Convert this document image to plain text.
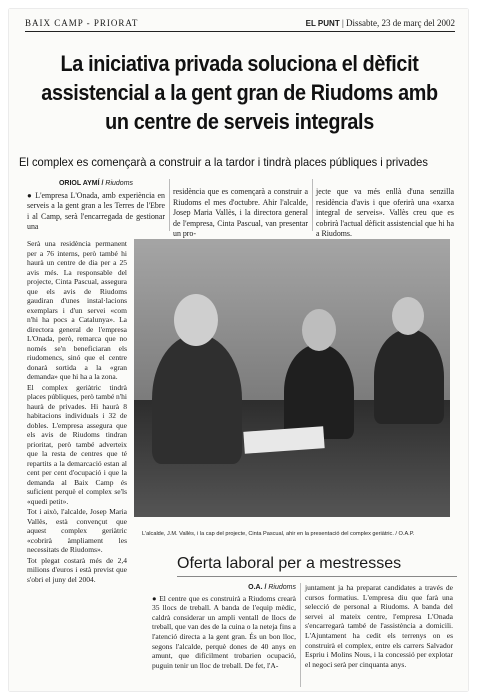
BAIX CAMP - PRIORAT	EL PUNT | Dissabte, 23 de març del 2002
La iniciativa privada soluciona el dèficit assistencial a la gent gran de Riudoms amb un centre de serveis integrals
El complex es començarà a construir a la tardor i tindrà places públiques i privades
ORIOL AYMÍ / Riudoms

● L'empresa L'Onada, amb experiència en serveis a la gent gran a les Terres de l'Ebre i al Camp, serà l'encarregada de gestionar una

residència que es començarà a construir a Riudoms el mes d'octubre. Ahir l'alcalde, Josep Maria Vallès, i la directora general de l'empresa, Cinta Pascual, van presentar un pro-

jecte que va més enllà d'una senzilla residència d'avis i que oferirà una «xarxa integral de serveis». Vallès creu que es cobrirà l'actual dèficit assistencial que hi ha a Riudoms.

Serà una residència permanent per a 76 interns, però també hi haurà un centre de dia per a 25 avis més. La responsable del projecte, Cinta Pascual, assegura que els avis de Riudoms gaudiran d'unes instal·lacions exemplars i d'un servei «com n'hi ha pocs a Catalunya». La directora general de l'empresa L'Onada, però, remarca que no només se'n beneficiaran els riudomencs, sinó que el centre donarà sortida a la «gran demanda» que hi ha a la zona.

El complex geriàtric tindrà places públiques, però també n'hi haurà de privades. Hi haurà 8 habitacions individuals i 32 de dobles. L'empresa assegura que els avis de Riudoms tindran prioritat, però també adverteix que la resta de centres que té repartits a la demarcació estan al cent per cent d'ocupació i que la demanda al Baix Camp és suficient perquè el complex se'ls «quedi petit».

Tot i això, l'alcalde, Josep Maria Vallès, està convençut que aquest complex geriàtric «cobrirà àmpliament les necessitats de Riudoms».

Tot plegat costarà més de 2,4 milions d'euros i està previst que s'obri el juny del 2004.

L'alcalde, J.M. Vallès, i la cap del projecte, Cinta Pascual, ahir en la presentació del complex geriàtric. / O.A.P.
Oferta laboral per a mestresses
O.A. / Riudoms

● El centre que es construirà a Riudoms crearà 35 llocs de treball. A banda de l'equip mèdic, caldrà considerar un ampli ventall de llocs de treball, que van des de la cuina o la neteja fins a l'atenció directa a la gent gran. És un bon lloc, segons l'alcalde, perquè dones de 40 anys en amunt, que difícilment trobarien ocupació, puguin tenir un lloc de treball. De fet, l'A-

juntament ja ha preparat candidates a través de cursos formatius. L'empresa diu que farà una selecció de personal a Riudoms. A banda del servei al mateix centre, l'empresa L'Onada s'encarregarà també de l'assistència a domicili. L'Ajuntament ha cedit els terrenys on es construirà el complex, entre els carrers Salvador Espriu i Molins Nous, i la concessió per explotar el negoci serà per cinquanta anys.
